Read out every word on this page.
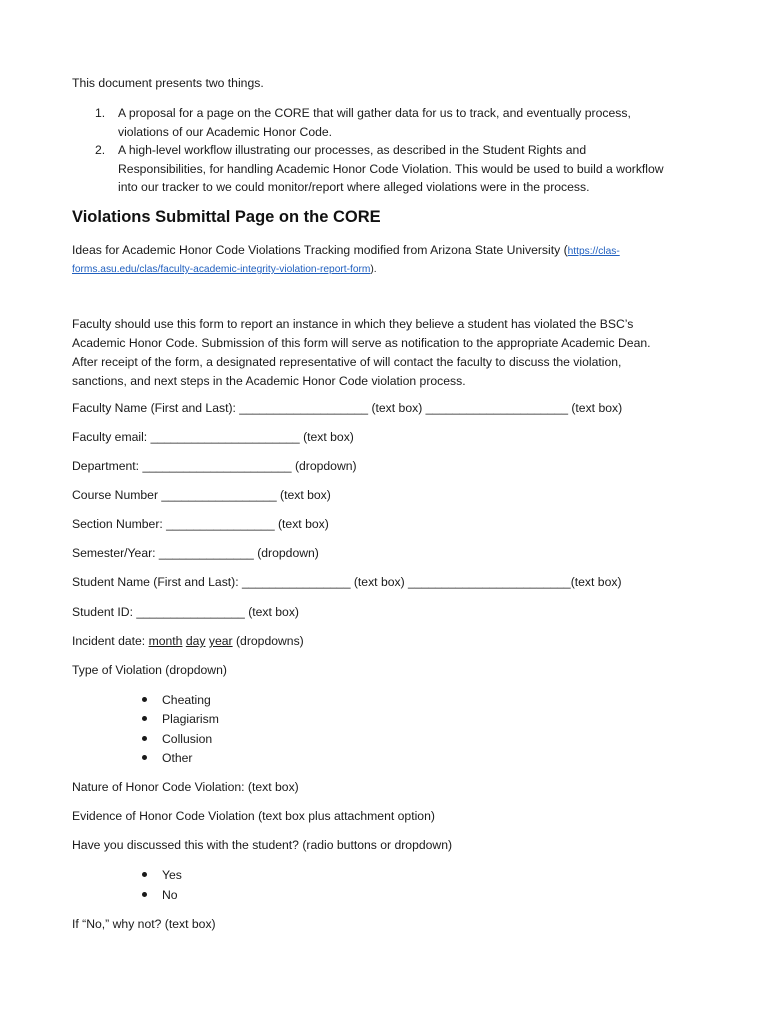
This document presents two things.
1. A proposal for a page on the CORE that will gather data for us to track, and eventually process,
violations of our Academic Honor Code.
2. A high-level workflow illustrating our processes, as described in the Student Rights and
Responsibilities, for handling Academic Honor Code Violation. This would be used to build a workflow
into our tracker to we could monitor/report where alleged violations were in the process.
Violations Submittal Page on the CORE
Ideas for Academic Honor Code Violations Tracking modified from Arizona State University (https://clas-
forms.asu.edu/clas/faculty-academic-integrity-violation-report-form).
Faculty should use this form to report an instance in which they believe a student has violated the BSC’s
Academic Honor Code. Submission of this form will serve as notification to the appropriate Academic Dean.
After receipt of the form, a designated representative of will contact the faculty to discuss the violation,
sanctions, and next steps in the Academic Honor Code violation process.
Faculty Name (First and Last): ___________________ (text box) _____________________ (text box)
Faculty email: ______________________ (text box)
Department: ______________________ (dropdown)
Course Number _________________ (text box)
Section Number: ________________ (text box)
Semester/Year: ______________ (dropdown)
Student Name (First and Last): ________________ (text box) ________________________(text box)
Student ID: ________________ (text box)
Incident date: month day year (dropdowns)
Type of Violation (dropdown)
Cheating
Plagiarism
Collusion
Other
Nature of Honor Code Violation: (text box)
Evidence of Honor Code Violation (text box plus attachment option)
Have you discussed this with the student? (radio buttons or dropdown)
Yes
No
If “No,” why not? (text box)
